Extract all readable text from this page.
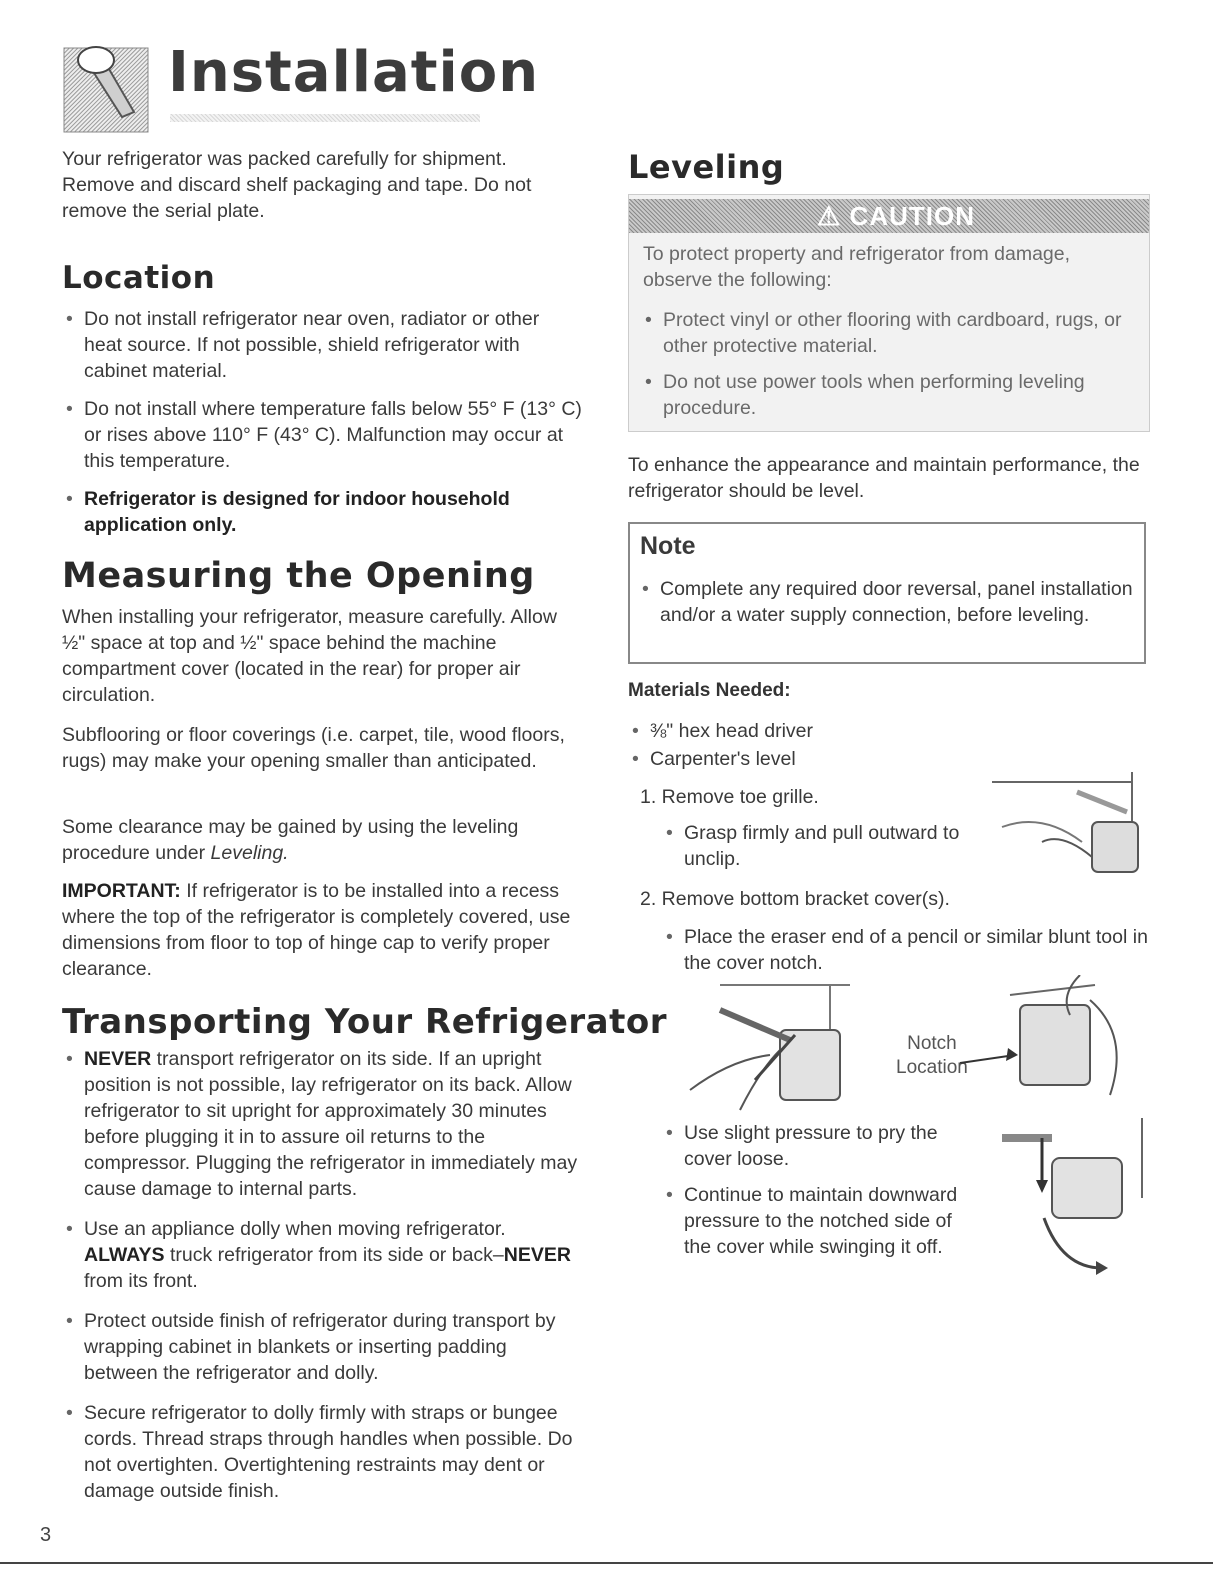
Installation

Your refrigerator was packed carefully for shipment. Remove and discard shelf packaging and tape. Do not remove the serial plate.

Location
• Do not install refrigerator near oven, radiator or other heat source. If not possible, shield refrigerator with cabinet material.
• Do not install where temperature falls below 55° F (13° C) or rises above 110° F (43° C). Malfunction may occur at this temperature.
• Refrigerator is designed for indoor household application only.
Measuring the Opening

When installing your refrigerator, measure carefully. Allow ½" space at top and ½" space behind the machine compartment cover (located in the rear) for proper air circulation.

Subflooring or floor coverings (i.e. carpet, tile, wood floors, rugs) may make your opening smaller than anticipated.

Some clearance may be gained by using the leveling procedure under Leveling.

IMPORTANT: If refrigerator is to be installed into a recess where the top of the refrigerator is completely covered, use dimensions from floor to top of hinge cap to verify proper clearance.

Transporting Your Refrigerator
• NEVER transport refrigerator on its side. If an upright position is not possible, lay refrigerator on its back. Allow refrigerator to sit upright for approximately 30 minutes before plugging it in to assure oil returns to the compressor. Plugging the refrigerator in immediately may cause damage to internal parts.
• Use an appliance dolly when moving refrigerator. ALWAYS truck refrigerator from its side or back–NEVER from its front.
• Protect outside finish of refrigerator during transport by wrapping cabinet in blankets or inserting padding between the refrigerator and dolly.
• Secure refrigerator to dolly firmly with straps or bungee cords. Thread straps through handles when possible. Do not overtighten. Overtightening restraints may dent or damage outside finish.
3
Leveling
⚠ CAUTION

To protect property and refrigerator from damage, observe the following:

• Protect vinyl or other flooring with cardboard, rugs, or other protective material.
• Do not use power tools when performing leveling procedure.

To enhance the appearance and maintain performance, the refrigerator should be level.

Note
• Complete any required door reversal, panel installation and/or a water supply connection, before leveling.
Materials Needed:
• ⅜" hex head driver
• Carpenter's level

1. Remove toe grille.

• Grasp firmly and pull outward to unclip.

2. Remove bottom bracket cover(s).

• Place the eraser end of a pencil or similar blunt tool in the cover notch.
Notch
Location
• Use slight pressure to pry the cover loose.
• Continue to maintain downward pressure to the notched side of the cover while swinging it off.
